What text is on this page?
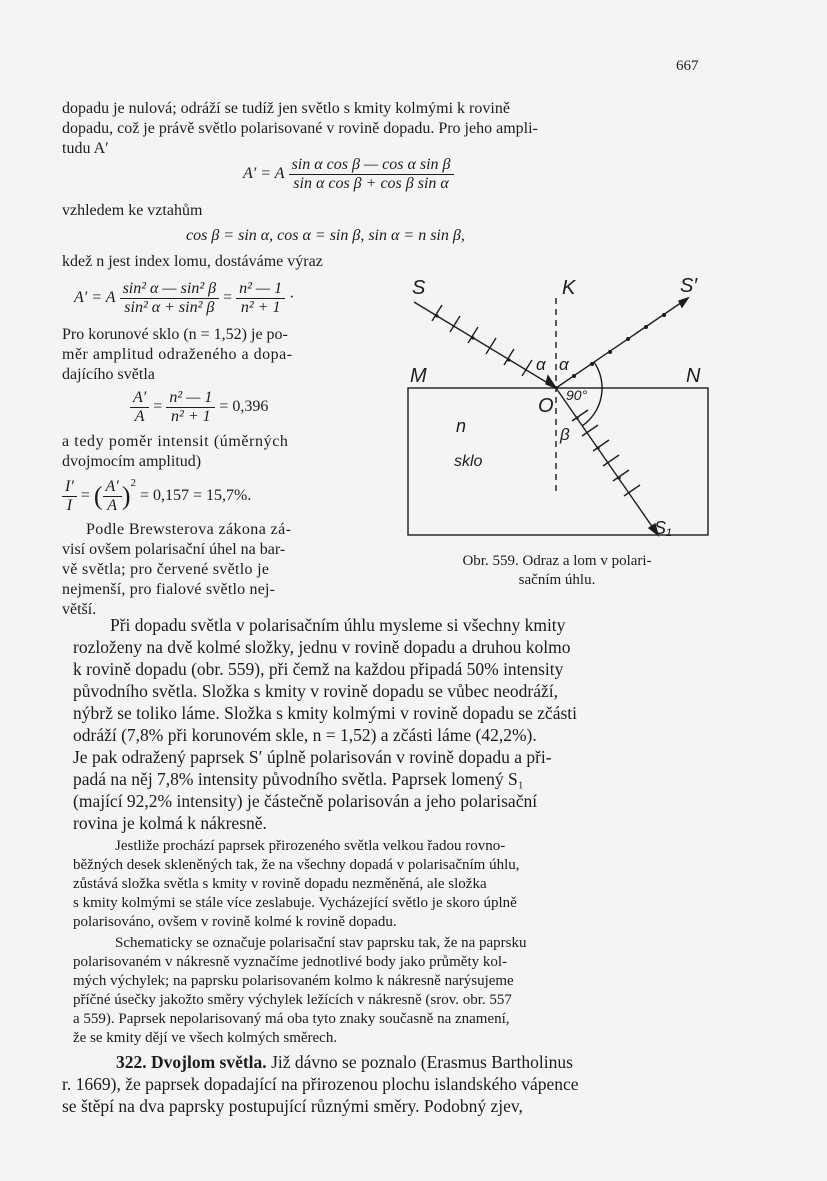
667
dopadu je nulová; odráží se tudíž jen světlo s kmity kolmými k rovině
dopadu, což je právě světlo polarisované v rovině dopadu. Pro jeho ampli-
tudu A′
A′ = A $\frac{\text{sin α cos β — cos α sin β}}{\text{sin α cos β + cos β sin α}}$
vzhledem ke vztahům
cos β = sin α, cos α = sin β, sin α = n sin β,
kdež n jest index lomu, dostáváme výraz
A′ = A $\frac{\text{sin² α — sin² β}}{\text{sin² α + sin² β}} = \frac{\text{n² — 1}}{\text{n² + 1}}$ ·
Pro korunové sklo (n = 1,52) je po-
měr amplitud odraženého a dopa-
dajícího světla
$\frac{A'}{A} = \frac{\text{n² — 1}}{\text{n² + 1}} = 0,396$
a tedy poměr intensit (úměrných
dvojmocím amplitud)
$\frac{I'}{I}$ = ( $\frac{A'}{A} )^2 = 0,157 = 15,7\%$.
Podle Brewsterova zákona zá-
visí ovšem polarisační úhel na bar-
vě světla; pro červené světlo je
nejmenší, pro fialové světlo nej-
větší.
S	K	S′
M	N
O
n
sklo
α α
β
90°
S₁
Obr. 559. Odraz a lom v polari-
sačním úhlu.
Při dopadu světla v polarisačním úhlu mysleme si všechny kmity
rozloženy na dvě kolmé složky, jednu v rovině dopadu a druhou kolmo
k rovině dopadu (obr. 559), při čemž na každou připadá 50% intensity
původního světla. Složka s kmity v rovině dopadu se vůbec neodráží,
nýbrž se toliko láme. Složka s kmity kolmými v rovině dopadu se zčásti
odráží (7,8% při korunovém skle, n = 1,52) a zčásti láme (42,2%).
Je pak odražený paprsek S′ úplně polarisován v rovině dopadu a při-
padá na něj 7,8% intensity původního světla. Paprsek lomený S₁
(mající 92,2% intensity) je částečně polarisován a jeho polarisační
rovina je kolmá k nákresně.
Jestliže prochází paprsek přirozeného světla velkou řadou rovno-
běžných desek skleněných tak, že na všechny dopadá v polarisačním úhlu,
zůstává složka světla s kmity v rovině dopadu nezměněná, ale složka
s kmity kolmými se stále více zeslabuje. Vycházející světlo je skoro úplně
polarisováno, ovšem v rovině kolmé k rovině dopadu.
Schematicky se označuje polarisační stav paprsku tak, že na paprsku
polarisovaném v nákresně vyznačíme jednotlivé body jako průměty kol-
mých výchylek; na paprsku polarisovaném kolmo k nákresně narýsujeme
příčné úsečky jakožto směry výchylek ležících v nákresně (srov. obr. 557
a 559). Paprsek nepolarisovaný má oba tyto znaky současně na znamení,
že se kmity dějí ve všech kolmých směrech.
322. Dvojlom světla. Již dávno se poznalo (Erasmus Bartholinus
r. 1669), že paprsek dopadající na přirozenou plochu islandského vápence
se štěpí na dva paprsky postupující různými směry. Podobný zjev,
